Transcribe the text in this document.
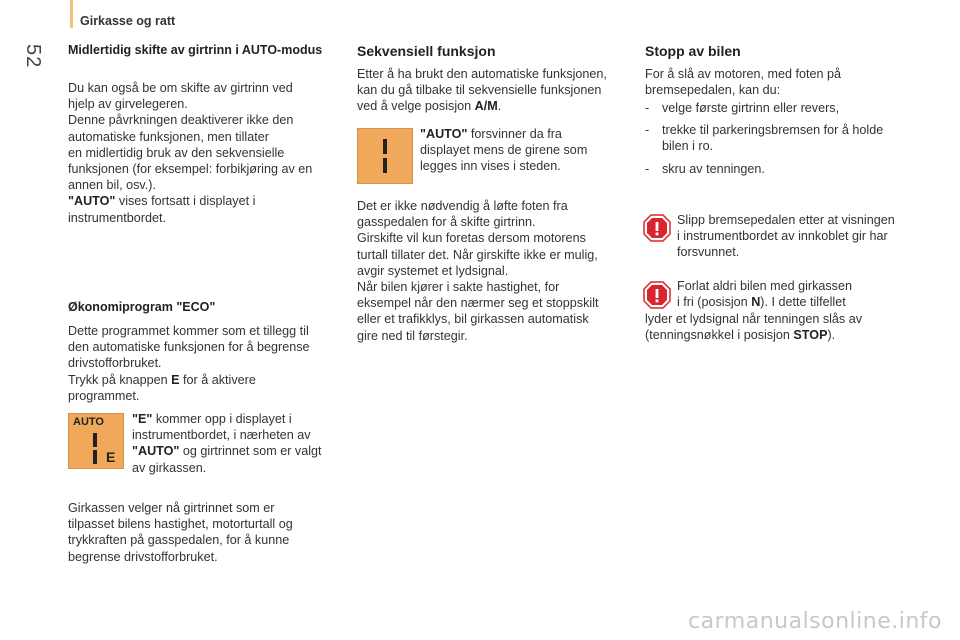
Girkasse og ratt
52 Midlertidig skifte av girtrinn i AUTO-modus

Du kan også be om skifte av girtrinn ved

hjelp av girvelegeren.

Denne påvrkningen deaktiverer ikke den

automatiske funksjonen, men tillater

en midlertidig bruk av den sekvensielle

funksjonen (for eksempel: forbikjøring av en

annen bil, osv.).

"AUTO" vises fortsatt i displayet i

instrumentbordet.

Økonomiprogram "ECO"

Dette programmet kommer som et tillegg til

den automatiske funksjonen for å begrense

drivstofforbruket.

Trykk på knappen E for å aktivere

programmet.

AUTO
E

"E" kommer opp i displayet i

instrumentbordet, i nærheten av

"AUTO" og girtrinnet som er valgt

av girkassen.

Girkassen velger nå girtrinnet som er

tilpasset bilens hastighet, motorturtall og

trykkraften på gasspedalen, for å kunne

begrense drivstofforbruket.

Sekvensiell funksjon

Etter å ha brukt den automatiske funksjonen,

kan du gå tilbake til sekvensielle funksjonen

ved å velge posisjon A/M.

"AUTO" forsvinner da fra

displayet mens de girene som

legges inn vises i steden.

Det er ikke nødvendig å løfte foten fra

gasspedalen for å skifte girtrinn.

Girskifte vil kun foretas dersom motorens

turtall tillater det. Når girskifte ikke er mulig,

avgir systemet et lydsignal.

Når bilen kjører i sakte hastighet, for

eksempel når den nærmer seg et stoppskilt

eller et trafikklys, bil girkassen automatisk

gire ned til førstegir.

Stopp av bilen

For å slå av motoren, med foten på

bremsepedalen, kan du:

- velge første girtrinn eller revers,
- trekke til parkeringsbremsen for å holde
bilen i ro.
- skru av tenningen.

Slipp bremsepedalen etter at visningen

i instrumentbordet av innkoblet gir har

forsvunnet.

Forlat aldri bilen med girkassen

i fri (posisjon N). I dette tilfellet

lyder et lydsignal når tenningen slås av

(tenningsnøkkel i posisjon STOP).

carmanualsonline.info
